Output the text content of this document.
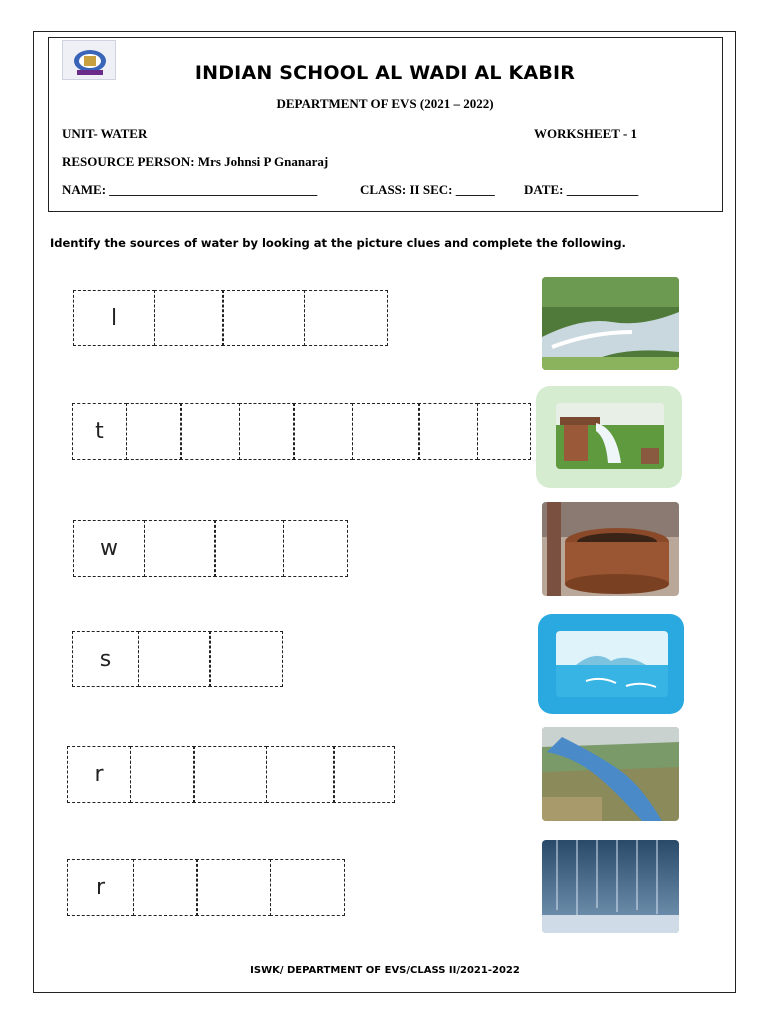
INDIAN SCHOOL AL WADI AL KABIR
DEPARTMENT OF EVS (2021 – 2022)
UNIT- WATER	WORKSHEET - 1
RESOURCE PERSON: Mrs Johnsi P Gnanaraj
NAME: ________________________________	CLASS: II SEC: ______ DATE: ___________
Identify the sources of water by looking at the picture clues and complete the following.
l
t
w
s
r
r
ISWK/ DEPARTMENT OF EVS/CLASS II/2021-2022
